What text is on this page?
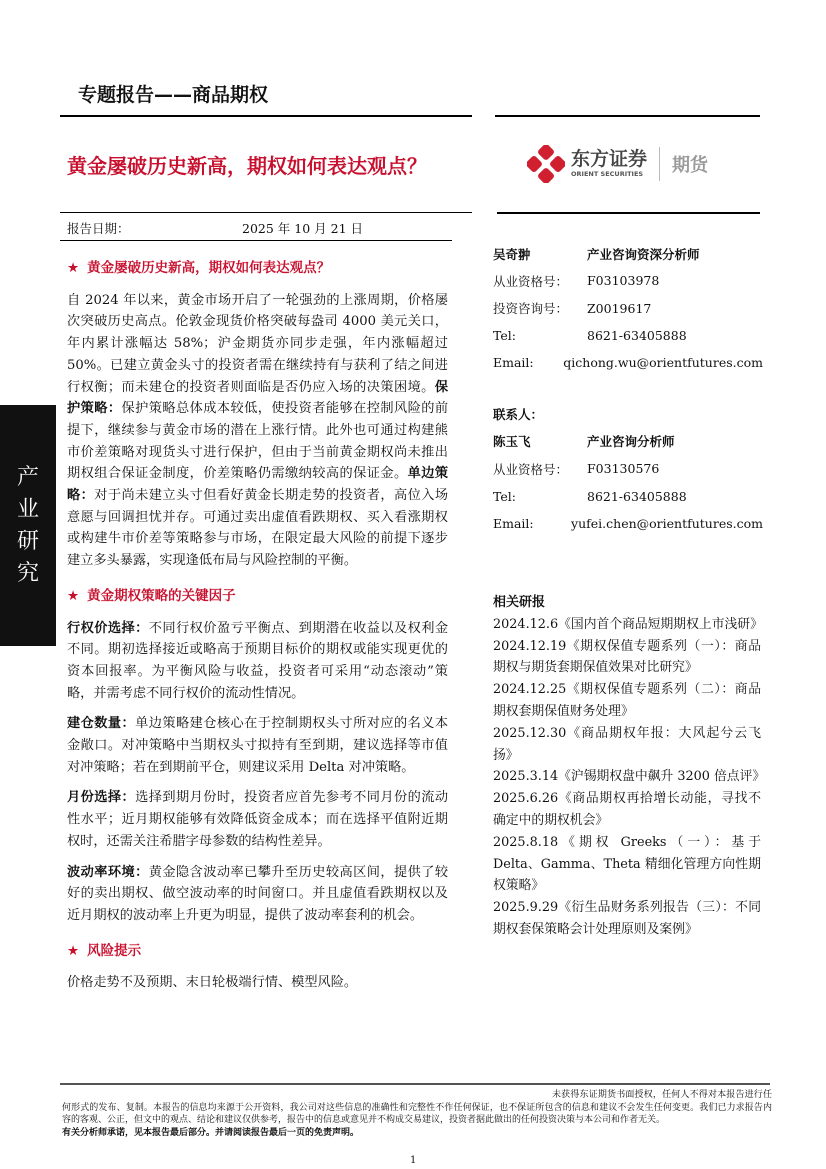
专题报告——商品期权
黄金屡破历史新高，期权如何表达观点？	东方证券
ORIENT SECURITIES 期货
报告日期：	2025 年 10 月 21 日
产
业
研
究
★ 黄金屡破历史新高，期权如何表达观点？

自 2024 年以来，黄金市场开启了一轮强劲的上涨周期，价格屡次突破历史高点。伦敦金现货价格突破每盎司 4000 美元关口，年内累计涨幅达 58%；沪金期货亦同步走强，年内涨幅超过 50%。已建立黄金头寸的投资者需在继续持有与获利了结之间进行权衡；而未建仓的投资者则面临是否仍应入场的决策困境。保护策略：保护策略总体成本较低，使投资者能够在控制风险的前提下，继续参与黄金市场的潜在上涨行情。此外也可通过构建熊市价差策略对现货头寸进行保护，但由于当前黄金期权尚未推出期权组合保证金制度，价差策略仍需缴纳较高的保证金。单边策略：对于尚未建立头寸但看好黄金长期走势的投资者，高位入场意愿与回调担忧并存。可通过卖出虚值看跌期权、买入看涨期权或构建牛市价差等策略参与市场，在限定最大风险的前提下逐步建立多头暴露，实现逢低布局与风险控制的平衡。

★ 黄金期权策略的关键因子

行权价选择：不同行权价盈亏平衡点、到期潜在收益以及权利金不同。期初选择接近或略高于预期目标价的期权或能实现更优的资本回报率。为平衡风险与收益，投资者可采用“动态滚动”策略，并需考虑不同行权价的流动性情况。

建仓数量：单边策略建仓核心在于控制期权头寸所对应的名义本金敞口。对冲策略中当期权头寸拟持有至到期，建议选择等市值对冲策略；若在到期前平仓，则建议采用 Delta 对冲策略。

月份选择：选择到期月份时，投资者应首先参考不同月份的流动性水平；近月期权能够有效降低资金成本；而在选择平值附近期权时，还需关注希腊字母参数的结构性差异。

波动率环境：黄金隐含波动率已攀升至历史较高区间，提供了较好的卖出期权、做空波动率的时间窗口。并且虚值看跌期权以及近月期权的波动率上升更为明显，提供了波动率套利的机会。

★ 风险提示

价格走势不及预期、末日轮极端行情、模型风险。

吴奇翀	产业咨询资深分析师
从业资格号：	F03103978
投资咨询号：	Z0019617
Tel:	8621-63405888
Email:	qichong.wu@orientfutures.com
联系人：
陈玉飞	产业咨询分析师
从业资格号：	F03130576
Tel:	8621-63405888
Email:	yufei.chen@orientfutures.com
相关研报
2024.12.6《国内首个商品短期期权上市浅研》
2024.12.19《期权保值专题系列（一）：商品期权与期货套期保值效果对比研究》
2024.12.25《期权保值专题系列（二）：商品期权套期保值财务处理》
2025.12.30《商品期权年报：大风起兮云飞扬》
2025.3.14《沪锡期权盘中飙升 3200 倍点评》
2025.6.26《商品期权再拾增长动能，寻找不确定中的期权机会》
2025.8.18《期权 Greeks（一）：基于 Delta、Gamma、Theta 精细化管理方向性期权策略》
2025.9.29《衍生品财务系列报告（三）：不同期权套保策略会计处理原则及案例》
未获得东证期货书面授权，任何人不得对本报告进行任何形式的发布、复制。本报告的信息均来源于公开资料，我公司对这些信息的准确性和完整性不作任何保证，也不保证所包含的信息和建议不会发生任何变更。我们已力求报告内容的客观、公正，但文中的观点、结论和建议仅供参考，报告中的信息或意见并不构成交易建议，投资者据此做出的任何投资决策与本公司和作者无关。
有关分析师承诺，见本报告最后部分。并请阅读报告最后一页的免责声明。
1
